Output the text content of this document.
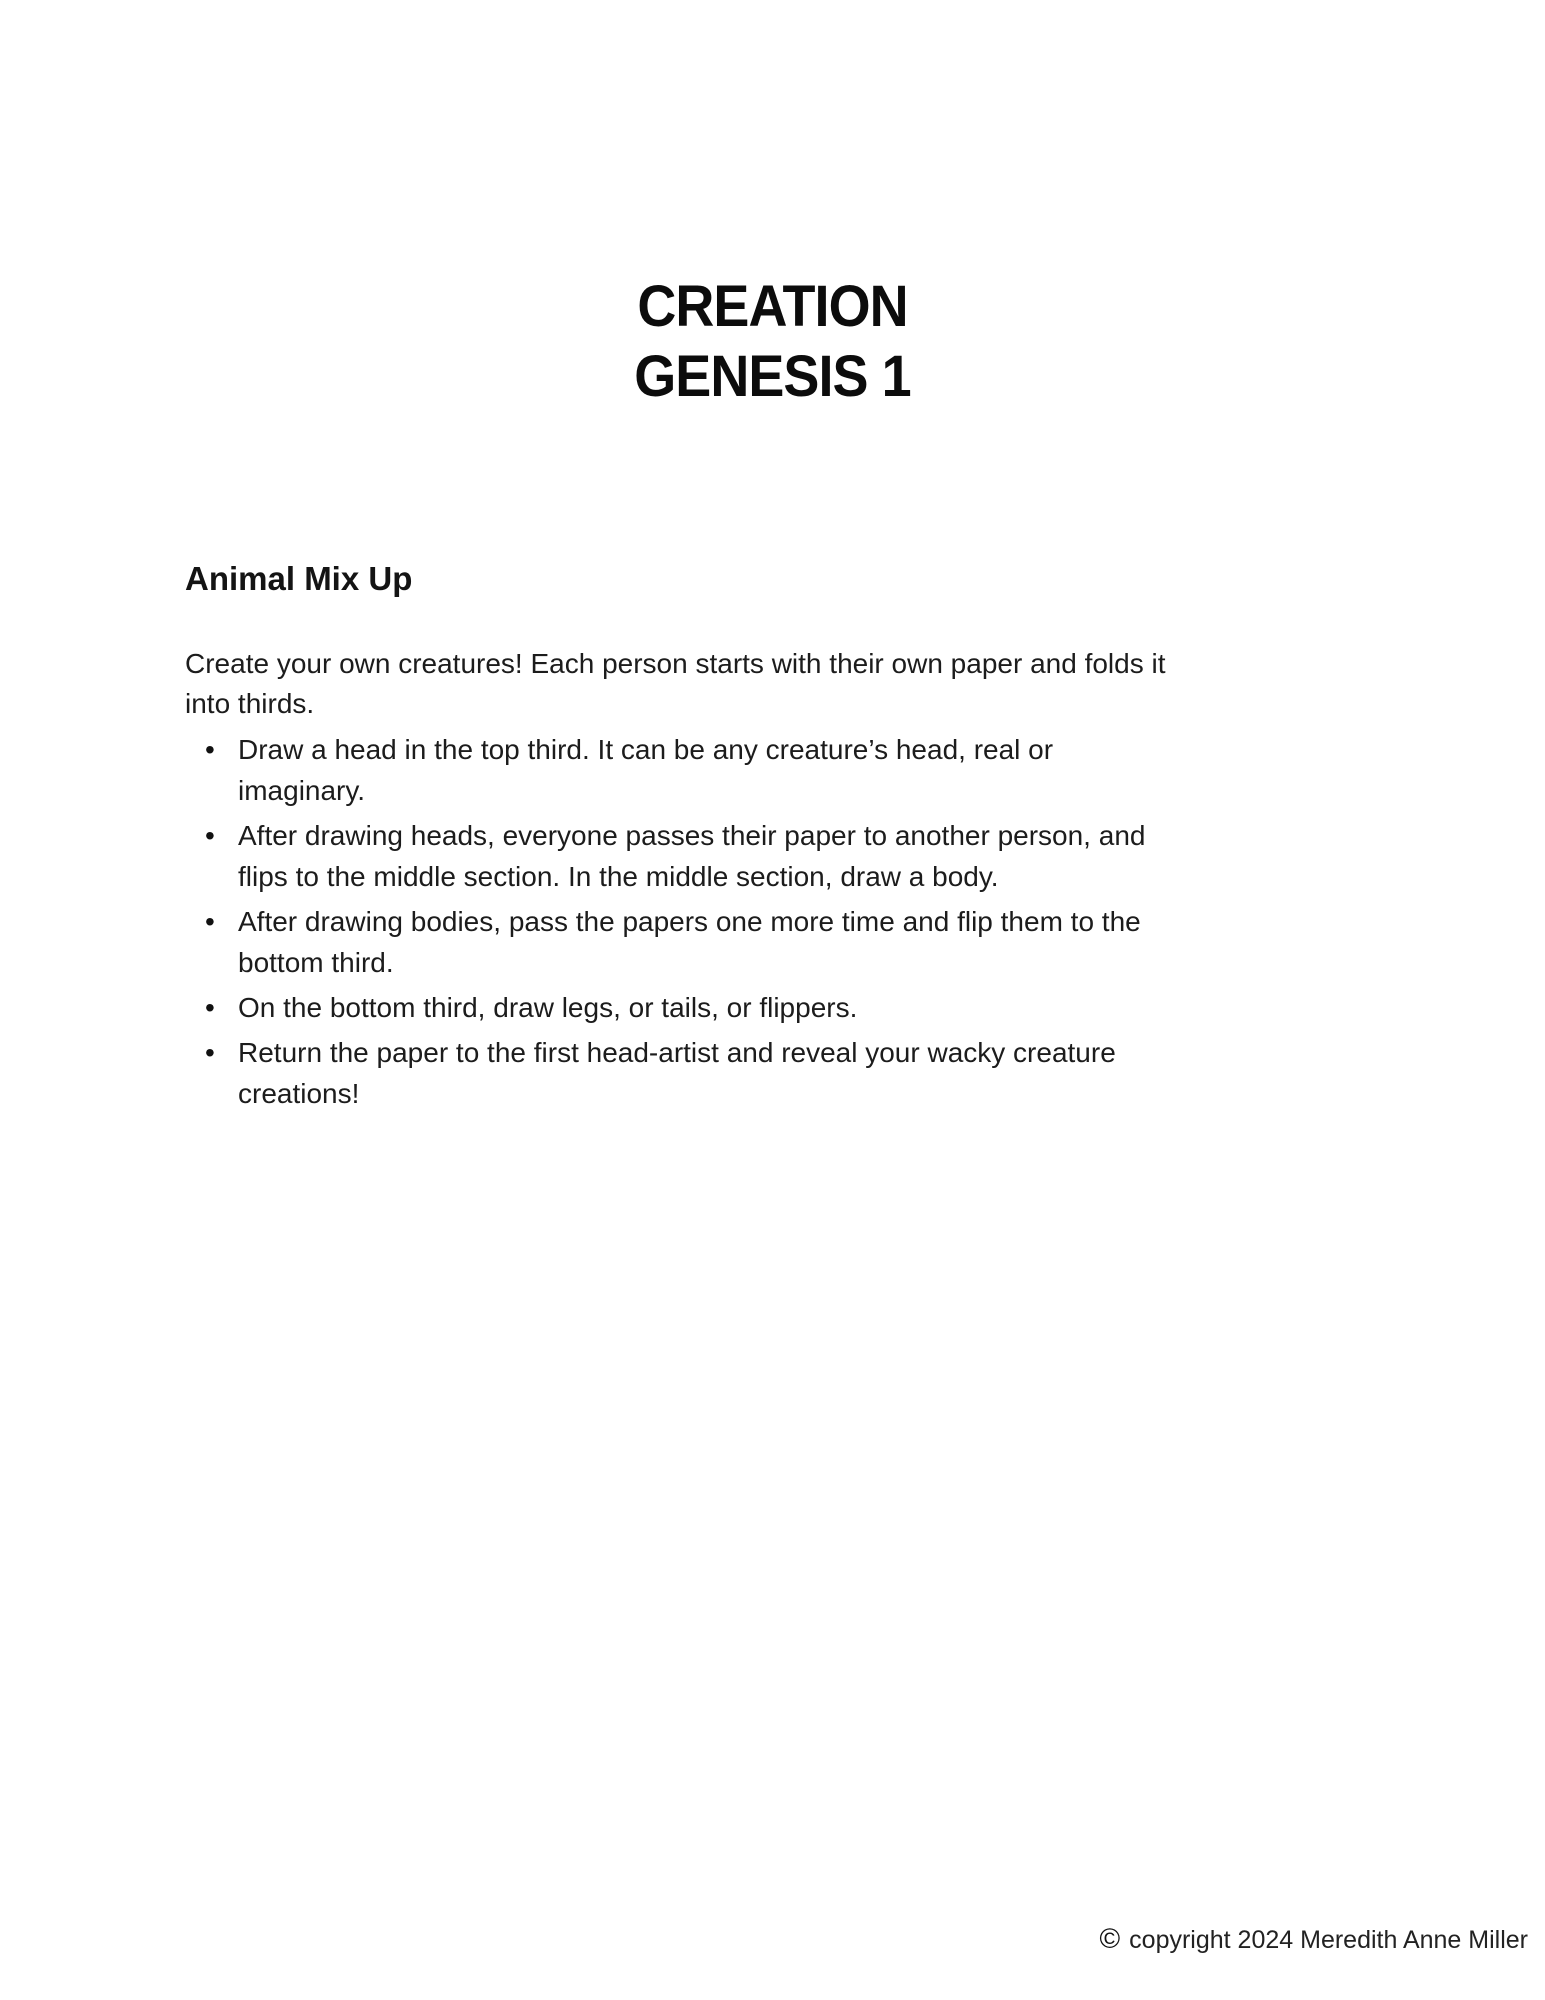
CREATION
GENESIS 1
Animal Mix Up
Create your own creatures! Each person starts with their own paper and folds it
into thirds.
•
Draw a head in the top third. It can be any creature’s head, real or
imaginary.
•
After drawing heads, everyone passes their paper to another person, and
flips to the middle section. In the middle section, draw a body.
•
After drawing bodies, pass the papers one more time and flip them to the
bottom third.
•
On the bottom third, draw legs, or tails, or flippers.
•
Return the paper to the first head-artist and reveal your wacky creature
creations!
© copyright 2024 Meredith Anne Miller
